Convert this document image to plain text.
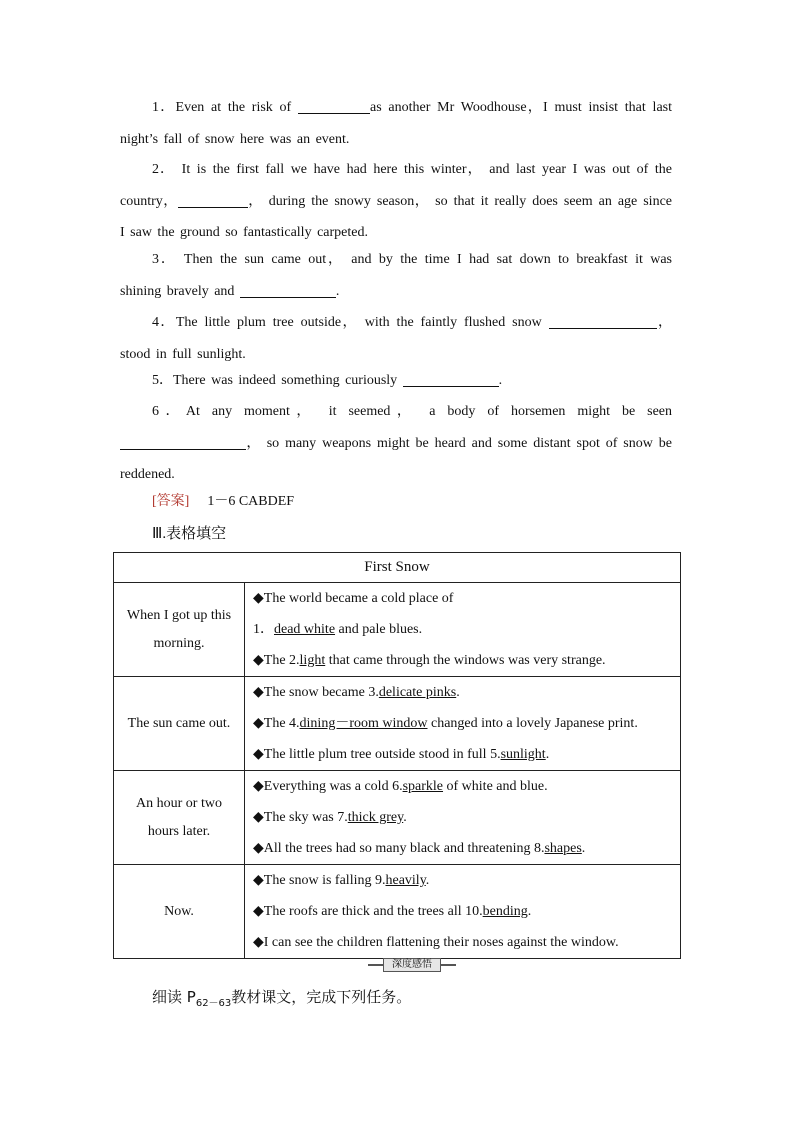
1．Even at the risk of	as another Mr Woodhouse，I must insist that last night’s fall of snow here was an event.
2． It is the first fall we have had here this winter， and last year I was out of the country，	， during the snowy season， so that it really does seem an age since I saw the ground so fantastically carpeted.
3． Then the sun came out， and by the time I had sat down to breakfast it was shining bravely and	.
4．The little plum tree outside， with the faintly flushed snow	， stood in full sunlight.
5．There was indeed something curiously	.
6．At any moment， it seemed， a body of horsemen might be seen ， so many weapons might be heard and some distant spot of snow be reddened.
[答案] 1－6 CABDEF
Ⅲ.表格填空
First Snow	
When I got up this morning.	◆The world became a cold place of
1．dead white and pale blues.
◆The 2.light that came through the windows was very strange.

The sun came out.	◆The snow became 3.delicate pinks.
◆The 4.dining－room window changed into a lovely Japanese print.
◆The little plum tree outside stood in full 5.sunlight.

An hour or two hours later.	◆Everything was a cold 6.sparkle of white and blue.
◆The sky was 7.thick grey.
◆All the trees had so many black and threatening 8.shapes.

Now.	◆The snow is falling 9.heavily.
◆The roofs are thick and the trees all 10.bending.
◆I can see the children flattening their noses against the window.
深度感悟
细读 $P_{62-63}$教材课文，完成下列任务。
